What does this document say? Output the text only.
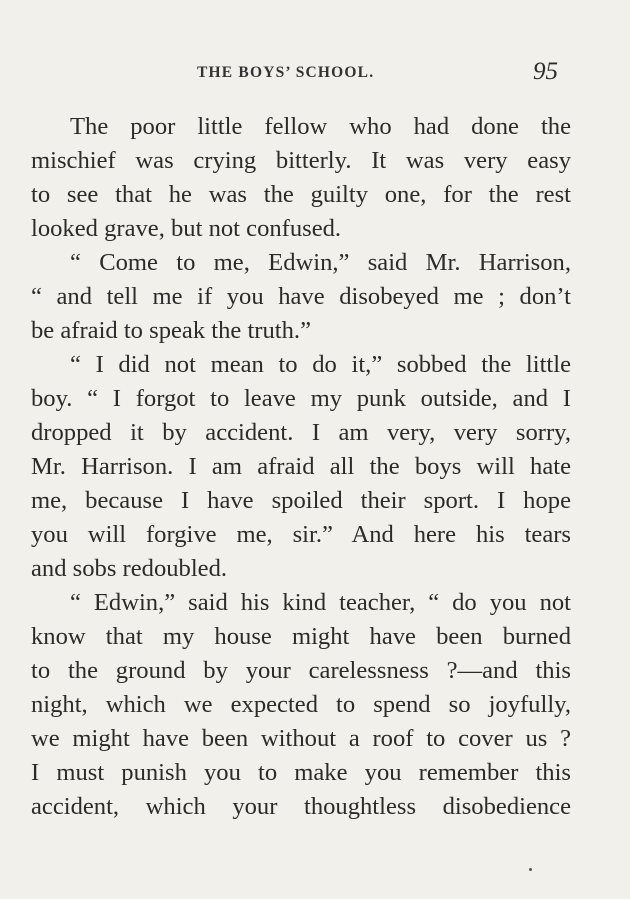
THE BOYS’ SCHOOL.	95
The poor little fellow who had done the
mischief was crying bitterly. It was very easy
to see that he was the guilty one, for the rest
looked grave, but not confused.
“ Come to me, Edwin,” said Mr. Harrison,
“ and tell me if you have disobeyed me ; don’t
be afraid to speak the truth.”
“ I did not mean to do it,” sobbed the little
boy. “ I forgot to leave my punk outside, and I
dropped it by accident. I am very, very sorry,
Mr. Harrison. I am afraid all the boys will hate
me, because I have spoiled their sport. I hope
you will forgive me, sir.” And here his tears
and sobs redoubled.
“ Edwin,” said his kind teacher, “ do you not
know that my house might have been burned
to the ground by your carelessness ?—and this
night, which we expected to spend so joyfully,
we might have been without a roof to cover us ?
I must punish you to make you remember this
accident, which your thoughtless disobedience
